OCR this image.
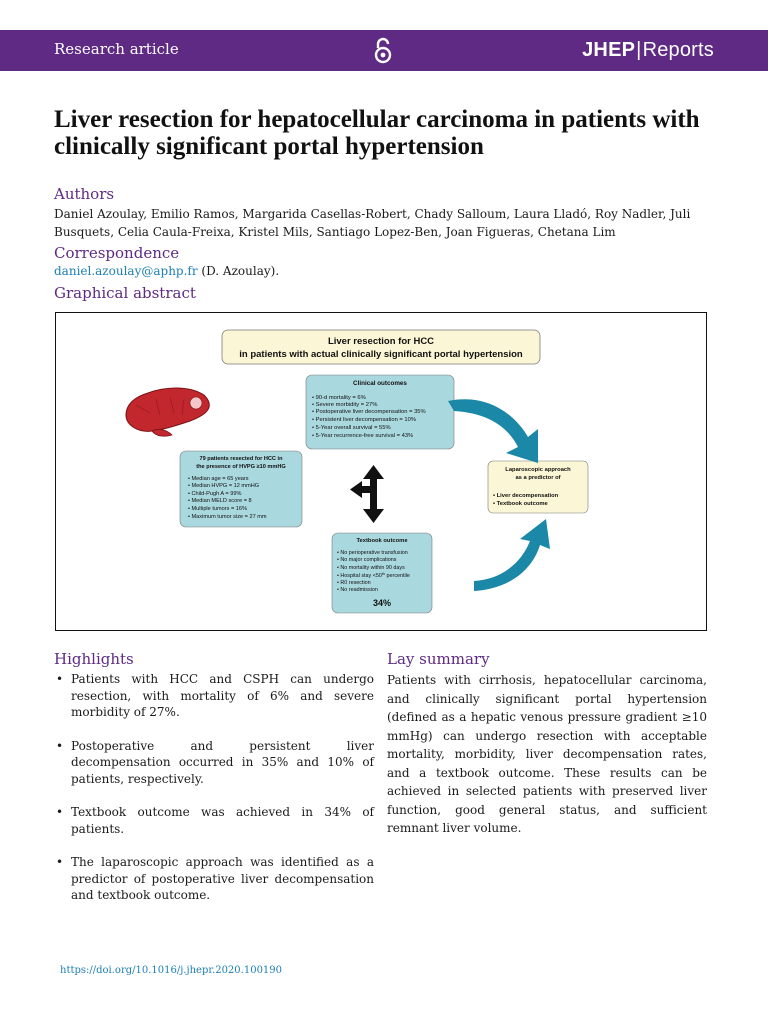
Research article	JHEP|Reports
Liver resection for hepatocellular carcinoma in patients with clinically significant portal hypertension
Authors
Daniel Azoulay, Emilio Ramos, Margarida Casellas-Robert, Chady Salloum, Laura Lladó, Roy Nadler, Juli Busquets, Celia Caula-Freixa, Kristel Mils, Santiago Lopez-Ben, Joan Figueras, Chetana Lim
Correspondence
daniel.azoulay@aphp.fr (D. Azoulay).
Graphical abstract
Liver resection for HCC
in patients with actual clinically significant portal hypertension
Clinical outcomes
• 90-d mortality = 6%
• Severe morbidity = 27%
• Postoperative liver decompensation = 35%
• Persistent liver decompensation = 10%
• 5-Year overall survival = 55%
• 5-Year recurrence-free survival = 43%
79 patients resected for HCC in
the presence of HVPG ≥10 mmHG
• Median age = 65 years
• Median HVPG = 12 mmHG
• Child-Pugh A = 99%
• Median MELD score = 8
• Multiple tumors = 16%
• Maximum tumor size = 27 mm
Laparoscopic approach
as a predictor of
• Liver decompensation
• Textbook outcome
Textbook outcome
• No perioperative transfusion
• No major complications
• No mortality within 90 days
• Hospital stay <50th percentile
• R0 resection
• No readmission
34%
Highlights
• Patients with HCC and CSPH can undergo resection, with mortality of 6% and severe morbidity of 27%.
• Postoperative and persistent liver decompensation occurred in 35% and 10% of patients, respectively.
• Textbook outcome was achieved in 34% of patients.
• The laparoscopic approach was identified as a predictor of postoperative liver decompensation and textbook outcome.
Lay summary
Patients with cirrhosis, hepatocellular carcinoma, and clinically significant portal hypertension (defined as a hepatic venous pressure gradient ≥10 mmHg) can undergo resection with acceptable mortality, morbidity, liver decompensation rates, and a textbook outcome. These results can be achieved in selected patients with preserved liver function, good general status, and sufficient remnant liver volume.
https://doi.org/10.1016/j.jhepr.2020.100190
